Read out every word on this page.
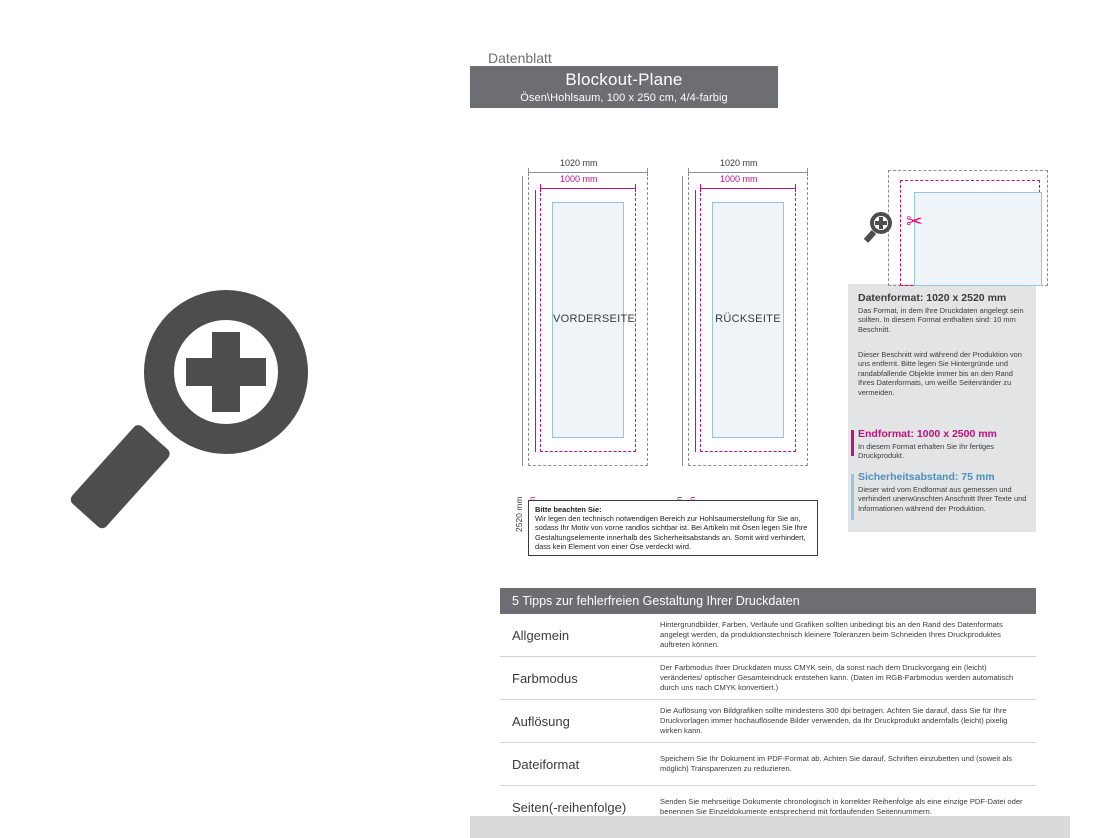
Datenblatt
Blockout-Plane
Ösen\Hohlsaum, 100 x 250 cm, 4/4-farbig
1020 mm
1000 mm
2520 mm
VORDERSEITE
1020 mm
1000 mm
RÜCKSEITE
Bitte beachten Sie:
Wir legen den technisch notwendigen Bereich zur Hohlsaumerstellung für Sie an, sodass Ihr Motiv von vorne randlos sichtbar ist. Bei Artikeln mit Ösen legen Sie Ihre Gestaltungselemente innerhalb des Sicherheitsabstands an. Somit wird verhindert, dass kein Element von einer Öse verdeckt wird.
✂
Datenformat: 1020 x 2520 mm
Das Format, in dem Ihre Druckdaten angelegt sein sollten. In diesem Format enthalten sind: 10 mm Beschnitt.
Dieser Beschnitt wird während der Produktion von uns entfernt. Bitte legen Sie Hintergründe und randabfallende Objekte immer bis an den Rand Ihres Datenformats, um weiße Seitenränder zu vermeiden.
Endformat: 1000 x 2500 mm
In diesem Format erhalten Sie Ihr fertiges Druckprodukt.
Sicherheitsabstand: 75 mm
Dieser wird vom Endformat aus gemessen und verhindert unerwünschten Anschnitt Ihrer Texte und Informationen während der Produktion.
5 Tipps zur fehlerfreien Gestaltung Ihrer Druckdaten
Allgemein
Hintergrundbilder, Farben, Verläufe und Grafiken sollten unbedingt bis an den Rand des Datenformats angelegt werden, da produktionstechnisch kleinere Toleranzen beim Schneiden Ihres Druckproduktes auftreten können.
Farbmodus
Der Farbmodus Ihrer Druckdaten muss CMYK sein, da sonst nach dem Druckvorgang ein (leicht) verändertes/ optischer Gesamteindruck entstehen kann. (Daten im RGB-Farbmodus werden automatisch durch uns nach CMYK konvertiert.)
Auflösung
Die Auflösung von Bildgrafiken sollte mindestens 300 dpi betragen. Achten Sie darauf, dass Sie für Ihre Druckvorlagen immer hochauflösende Bilder verwenden, da Ihr Druckprodukt andernfalls (leicht) pixelig wirken kann.
Dateiformat	Speichern Sie Ihr Dokument im PDF-Format ab. Achten Sie darauf, Schriften einzubetten und (soweit als möglich) Transparenzen zu reduzieren.
Seiten(-reihenfolge)	Senden Sie mehrseitige Dokumente chronologisch in korrekter Reihenfolge als eine einzige PDF-Datei oder benennen Sie Einzeldokumente entsprechend mit fortlaufenden Seitennummern.
